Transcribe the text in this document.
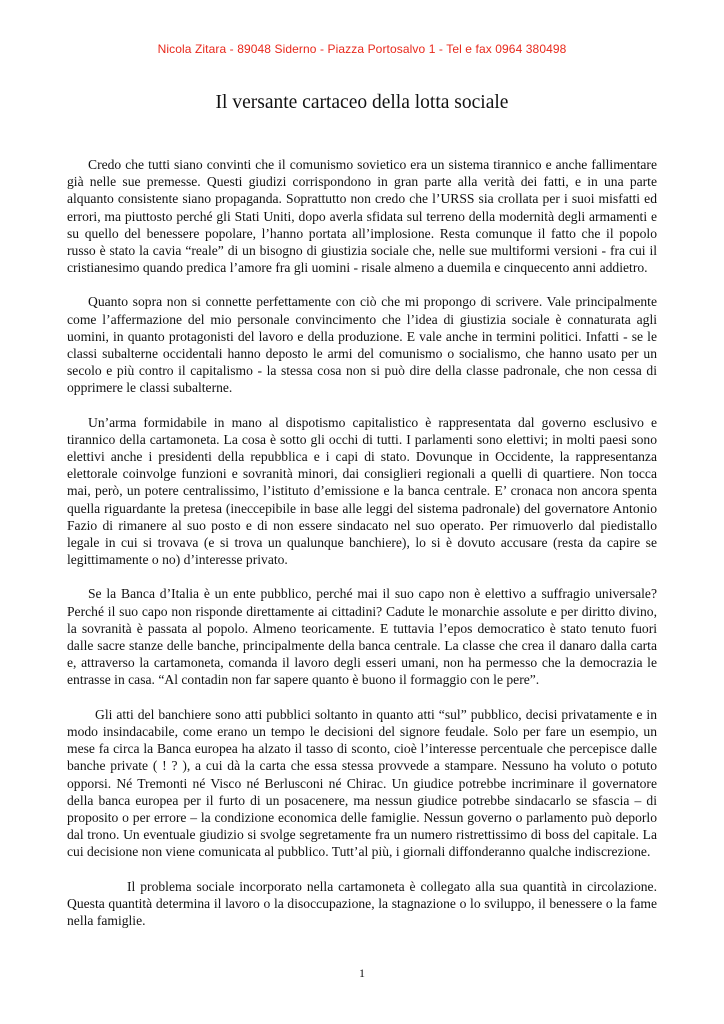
Nicola Zitara - 89048 Siderno - Piazza Portosalvo 1 - Tel e fax 0964 380498
Il versante cartaceo della lotta sociale

Credo che tutti siano convinti che il comunismo sovietico era un sistema tirannico e anche fallimentare già nelle sue premesse. Questi giudizi corrispondono in gran parte alla verità dei fatti, e in una parte alquanto consistente siano propaganda. Soprattutto non credo che l’URSS sia crollata per i suoi misfatti ed errori, ma piuttosto perché gli Stati Uniti, dopo averla sfidata sul terreno della modernità degli armamenti e su quello del benessere popolare, l’hanno portata all’implosione. Resta comunque il fatto che il popolo russo è stato la cavia “reale” di un bisogno di giustizia sociale che, nelle sue multiformi versioni - fra cui il cristianesimo quando predica l’amore fra gli uomini - risale almeno a duemila e cinquecento anni addietro.

Quanto sopra non si connette perfettamente con ciò che mi propongo di scrivere. Vale principalmente come l’affermazione del mio personale convincimento che l’idea di giustizia sociale è connaturata agli uomini, in quanto protagonisti del lavoro e della produzione. E vale anche in termini politici. Infatti - se le classi subalterne occidentali hanno deposto le armi del comunismo o socialismo, che hanno usato per un secolo e più contro il capitalismo - la stessa cosa non si può dire della classe padronale, che non cessa di opprimere le classi subalterne.

Un’arma formidabile in mano al dispotismo capitalistico è rappresentata dal governo esclusivo e tirannico della cartamoneta. La cosa è sotto gli occhi di tutti. I parlamenti sono elettivi; in molti paesi sono elettivi anche i presidenti della repubblica e i capi di stato. Dovunque in Occidente, la rappresentanza elettorale coinvolge funzioni e sovranità minori, dai consiglieri regionali a quelli di quartiere. Non tocca mai, però, un potere centralissimo, l’istituto d’emissione e la banca centrale. E’ cronaca non ancora spenta quella riguardante la pretesa (ineccepibile in base alle leggi del sistema padronale) del governatore Antonio Fazio di rimanere al suo posto e di non essere sindacato nel suo operato. Per rimuoverlo dal piedistallo legale in cui si trovava (e si trova un qualunque banchiere), lo si è dovuto accusare (resta da capire se legittimamente o no) d’interesse privato.

Se la Banca d’Italia è un ente pubblico, perché mai il suo capo non è elettivo a suffragio universale? Perché il suo capo non risponde direttamente ai cittadini? Cadute le monarchie assolute e per diritto divino, la sovranità è passata al popolo. Almeno teoricamente. E tuttavia l’epos democratico è stato tenuto fuori dalle sacre stanze delle banche, principalmente della banca centrale. La classe che crea il danaro dalla carta e, attraverso la cartamoneta, comanda il lavoro degli esseri umani, non ha permesso che la democrazia le entrasse in casa. “Al contadin non far sapere quanto è buono il formaggio con le pere”.

Gli atti del banchiere sono atti pubblici soltanto in quanto atti “sul” pubblico, decisi privatamente e in modo insindacabile, come erano un tempo le decisioni del signore feudale. Solo per fare un esempio, un mese fa circa la Banca europea ha alzato il tasso di sconto, cioè l’interesse percentuale che percepisce dalle banche private ( ! ? ), a cui dà la carta che essa stessa provvede a stampare. Nessuno ha voluto o potuto opporsi. Né Tremonti né Visco né Berlusconi né Chirac. Un giudice potrebbe incriminare il governatore della banca europea per il furto di un posacenere, ma nessun giudice potrebbe sindacarlo se sfascia – di proposito o per errore – la condizione economica delle famiglie. Nessun governo o parlamento può deporlo dal trono. Un eventuale giudizio si svolge segretamente fra un numero ristrettissimo di boss del capitale. La cui decisione non viene comunicata al pubblico. Tutt’al più, i giornali diffonderanno qualche indiscrezione.

Il problema sociale incorporato nella cartamoneta è collegato alla sua quantità in circolazione. Questa quantità determina il lavoro o la disoccupazione, la stagnazione o lo sviluppo, il benessere o la fame nella famiglie.

1
